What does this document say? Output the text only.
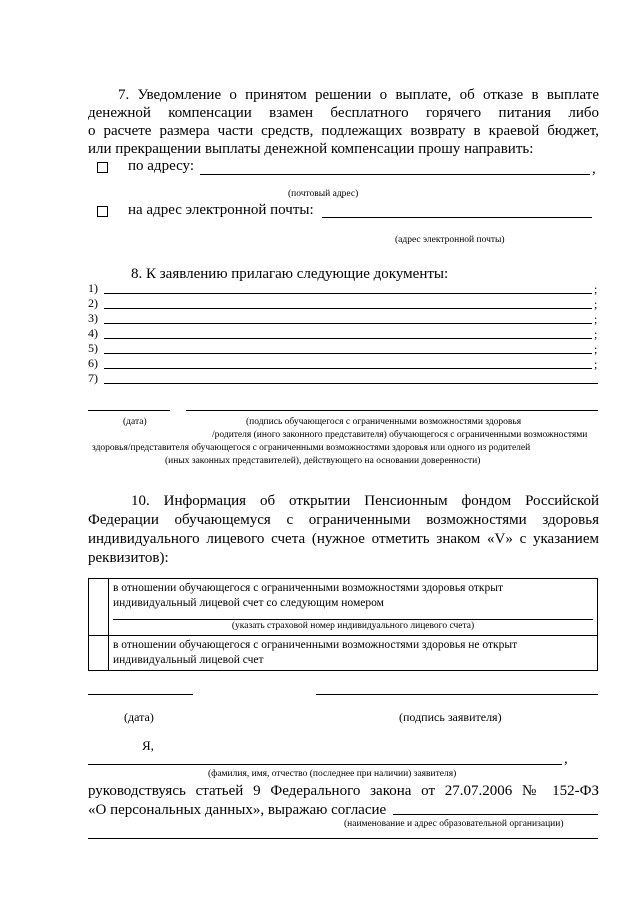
7. Уведомление о принятом решении о выплате, об отказе в выплате
денежной компенсации взамен бесплатного горячего питания либо
о расчете размера части средств, подлежащих возврату в краевой бюджет,
или прекращении выплаты денежной компенсации прошу направить:
по адресу:	,
(почтовый адрес)
на адрес электронной почты:
(адрес электронной почты)
8. К заявлению прилагаю следующие документы:
1)	;
2)	;
3)	;
4)	;
5)	;
6)	;
7)
(дата)	(подпись обучающегося с ограниченными возможностями здоровья
/родителя (иного законного представителя) обучающегося с ограниченными возможностями
здоровья/представителя обучающегося с ограниченными возможностями здоровья или одного из родителей
(иных законных представителей), действующего на основании доверенности)
10. Информация об открытии Пенсионным фондом Российской
Федерации обучающемуся с ограниченными возможностями здоровья
индивидуального лицевого счета (нужное отметить знаком «V» с указанием
реквизитов):

	в отношении обучающегося с ограниченными возможностями здоровья открыт
индивидуальный лицевой счет со следующим номером
(указать страховой номер индивидуального лицевого счета)

	в отношении обучающегося с ограниченными возможностями здоровья не открыт
индивидуальный лицевой счет
(дата)	(подпись заявителя)
Я,
,
(фамилия, имя, отчество (последнее при наличии) заявителя)
руководствуясь статьей 9 Федерального закона от 27.07.2006 № 152-ФЗ
«О персональных данных», выражаю согласие
(наименование и адрес образовательной организации)
